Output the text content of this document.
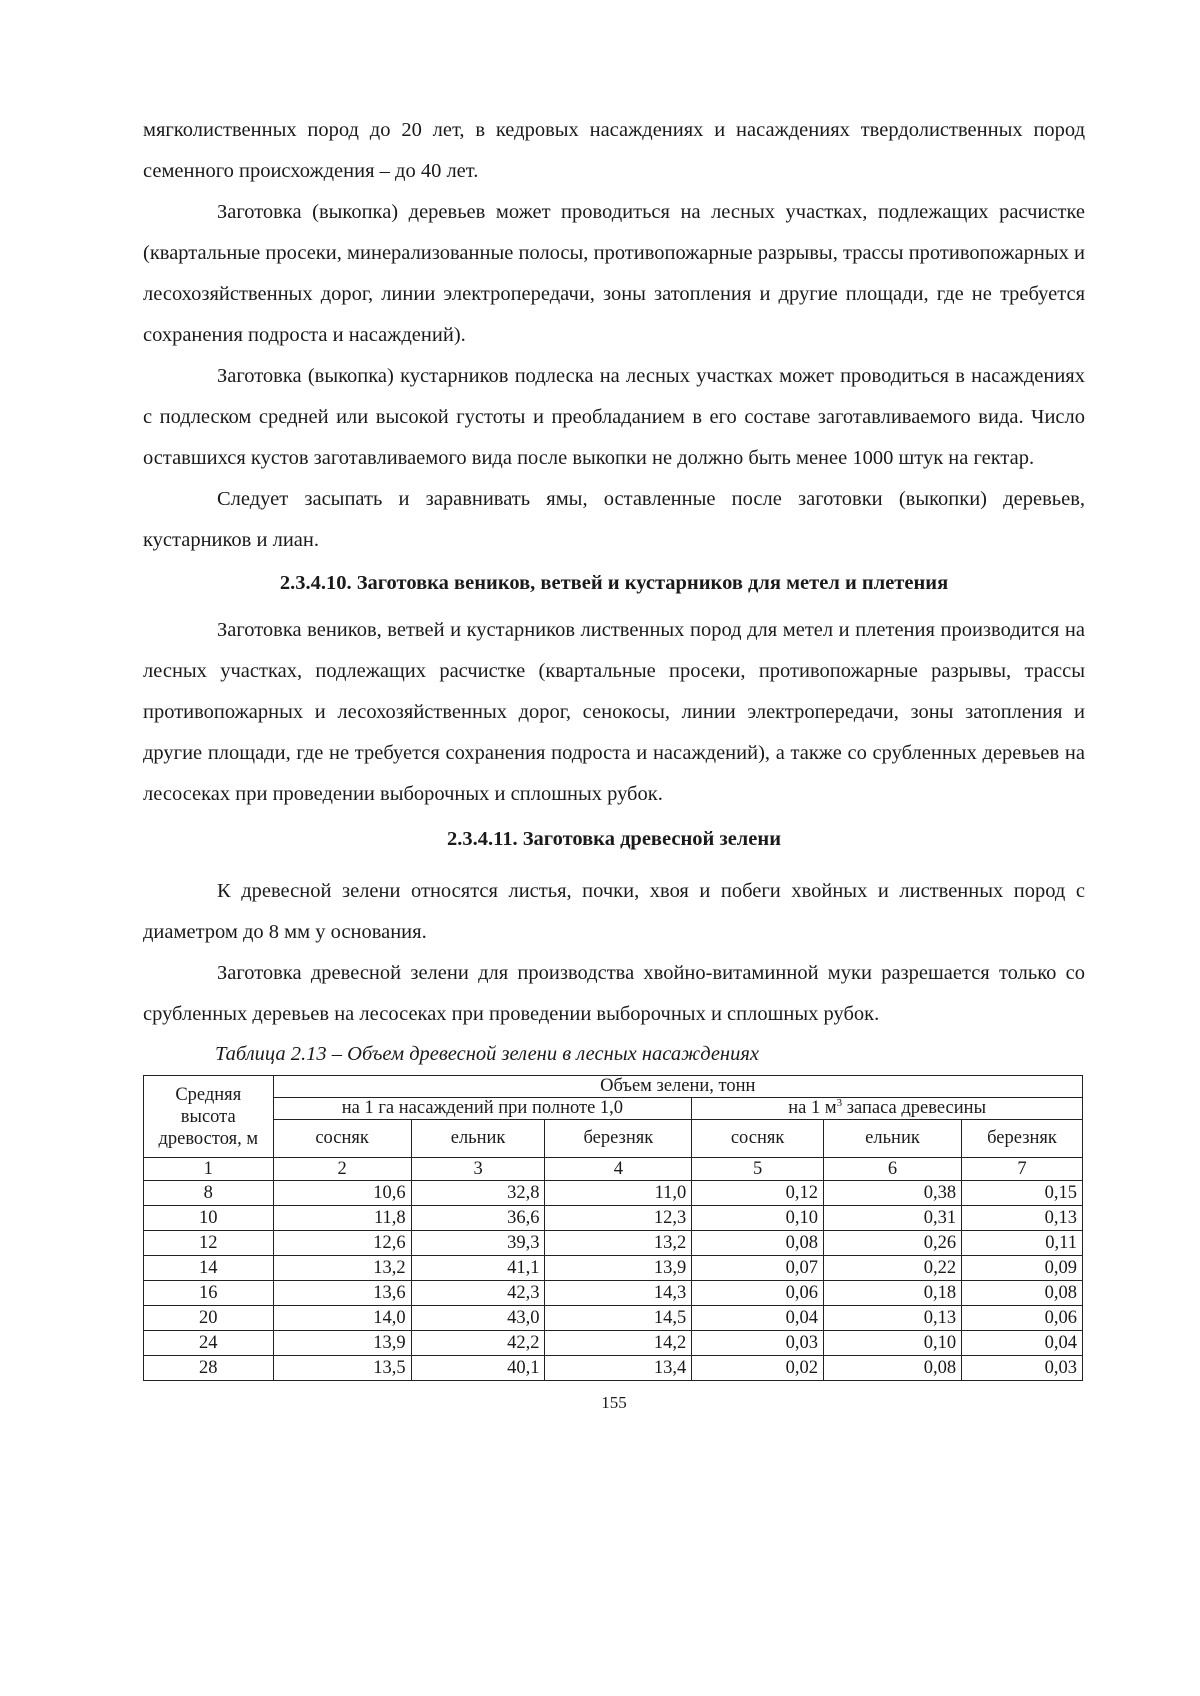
мягколиственных пород до 20 лет, в кедровых насаждениях и насаждениях твердолиственных пород семенного происхождения – до 40 лет.

Заготовка (выкопка) деревьев может проводиться на лесных участках, подлежащих расчистке (квартальные просеки, минерализованные полосы, противопожарные разрывы, трассы противопожарных и лесохозяйственных дорог, линии электропередачи, зоны затопления и другие площади, где не требуется сохранения подроста и насаждений).

Заготовка (выкопка) кустарников подлеска на лесных участках может проводиться в насаждениях с подлеском средней или высокой густоты и преобладанием в его составе заготавливаемого вида. Число оставшихся кустов заготавливаемого вида после выкопки не должно быть менее 1000 штук на гектар.

Следует засыпать и заравнивать ямы, оставленные после заготовки (выкопки) деревьев, кустарников и лиан.

2.3.4.10. Заготовка веников, ветвей и кустарников для метел и плетения

Заготовка веников, ветвей и кустарников лиственных пород для метел и плетения производится на лесных участках, подлежащих расчистке (квартальные просеки, противопожарные разрывы, трассы противопожарных и лесохозяйственных дорог, сенокосы, линии электропередачи, зоны затопления и другие площади, где не требуется сохранения подроста и насаждений), а также со срубленных деревьев на лесосеках при проведении выборочных и сплошных рубок.

2.3.4.11. Заготовка древесной зелени

К древесной зелени относятся листья, почки, хвоя и побеги хвойных и лиственных пород с диаметром до 8 мм у основания.

Заготовка древесной зелени для производства хвойно-витаминной муки разрешается только со срубленных деревьев на лесосеках при проведении выборочных и сплошных рубок.

Таблица 2.13 – Объем древесной зелени в лесных насаждениях
Средняя высота древостоя, м	Объем зелени, тонн					
	на 1 га насаждений при полноте 1,0			на 1 $м^3$ запаса древесины		
	сосняк	ельник	березняк	сосняк	ельник	березняк
1	2	3	4	5	6	7
8	10,6	32,8	11,0	0,12	0,38	0,15
10	11,8	36,6	12,3	0,10	0,31	0,13
12	12,6	39,3	13,2	0,08	0,26	0,11
14	13,2	41,1	13,9	0,07	0,22	0,09
16	13,6	42,3	14,3	0,06	0,18	0,08
20	14,0	43,0	14,5	0,04	0,13	0,06
24	13,9	42,2	14,2	0,03	0,10	0,04
28	13,5	40,1	13,4	0,02	0,08	0,03
155
